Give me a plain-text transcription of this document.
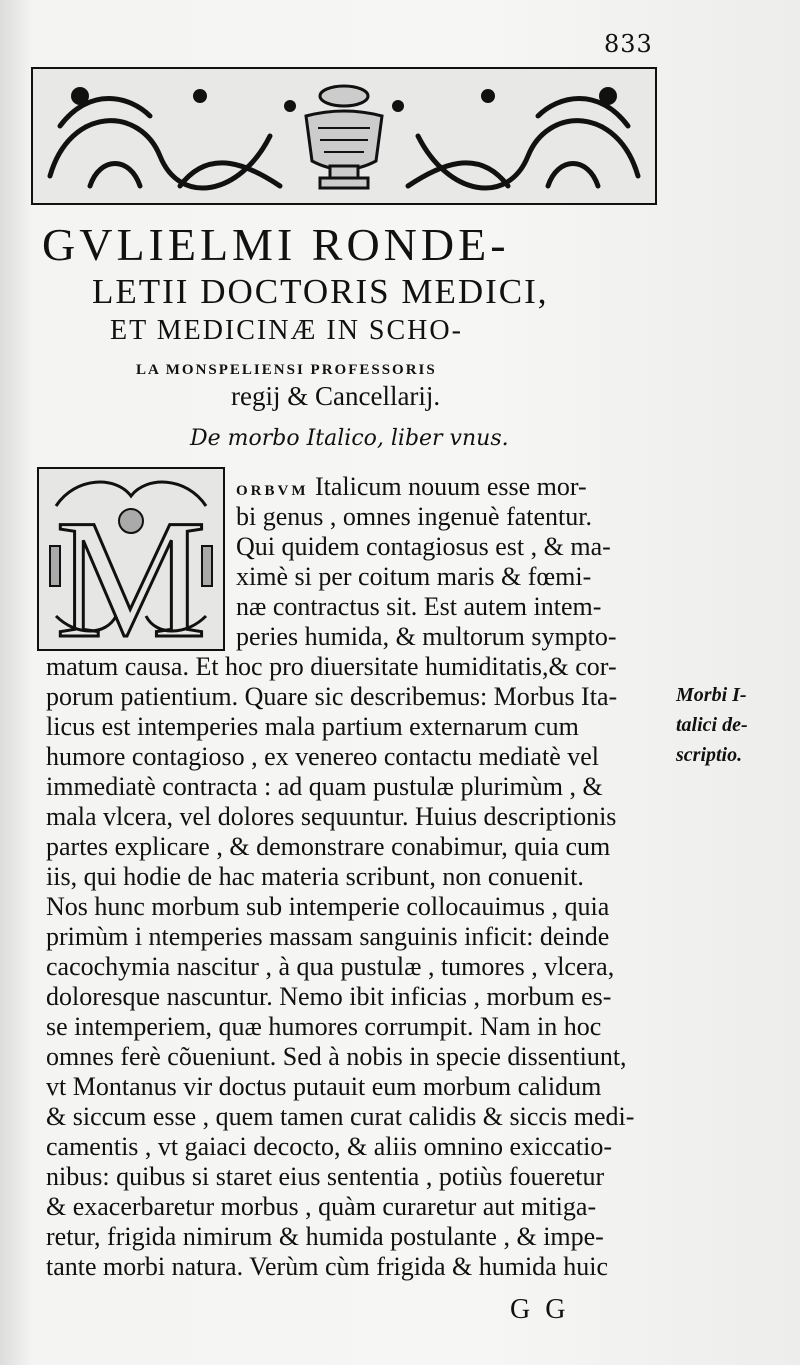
833
GVLIELMI RONDE-
LETII DOCTORIS MEDICI,
ET MEDICINÆ IN SCHO-
LA MONSPELIENSI PROFESSORIS
regij & Cancellarij.
De morbo Italico, liber vnus.
M ORBVM Italicum nouum esse mor-
bi genus , omnes ingenuè fatentur.
Qui quidem contagiosus est , & ma-
ximè si per coitum maris & fœmi-
næ contractus sit. Est autem intem-
peries humida, & multorum sympto-
matum causa. Et hoc pro diuersitate humiditatis,& cor-
porum patientium. Quare sic describemus: Morbus Ita-
licus est intemperies mala partium externarum cum
humore contagioso , ex venereo contactu mediatè vel
immediatè contracta : ad quam pustulæ plurimùm , &
mala vlcera, vel dolores sequuntur. Huius descriptionis
partes explicare , & demonstrare conabimur, quia cum
iis, qui hodie de hac materia scribunt, non conuenit.
Nos hunc morbum sub intemperie collocauimus , quia
primùm i ntemperies massam sanguinis inficit: deinde
cacochymia nascitur , à qua pustulæ , tumores , vlcera,
doloresque nascuntur. Nemo ibit inficias , morbum es-
se intemperiem, quæ humores corrumpit. Nam in hoc
omnes ferè cõueniunt. Sed à nobis in specie dissentiunt,
vt Montanus vir doctus putauit eum morbum calidum
& siccum esse , quem tamen curat calidis & siccis medi-
camentis , vt gaiaci decocto, & aliis omnino exiccatio-
nibus: quibus si staret eius sententia , potiùs foueretur
& exacerbaretur morbus , quàm curaretur aut mitiga-
retur, frigida nimirum & humida postulante , & impe-
tante morbi natura. Verùm cùm frigida & humida huic
Morbi I-
talici de-
scriptio.
G G
